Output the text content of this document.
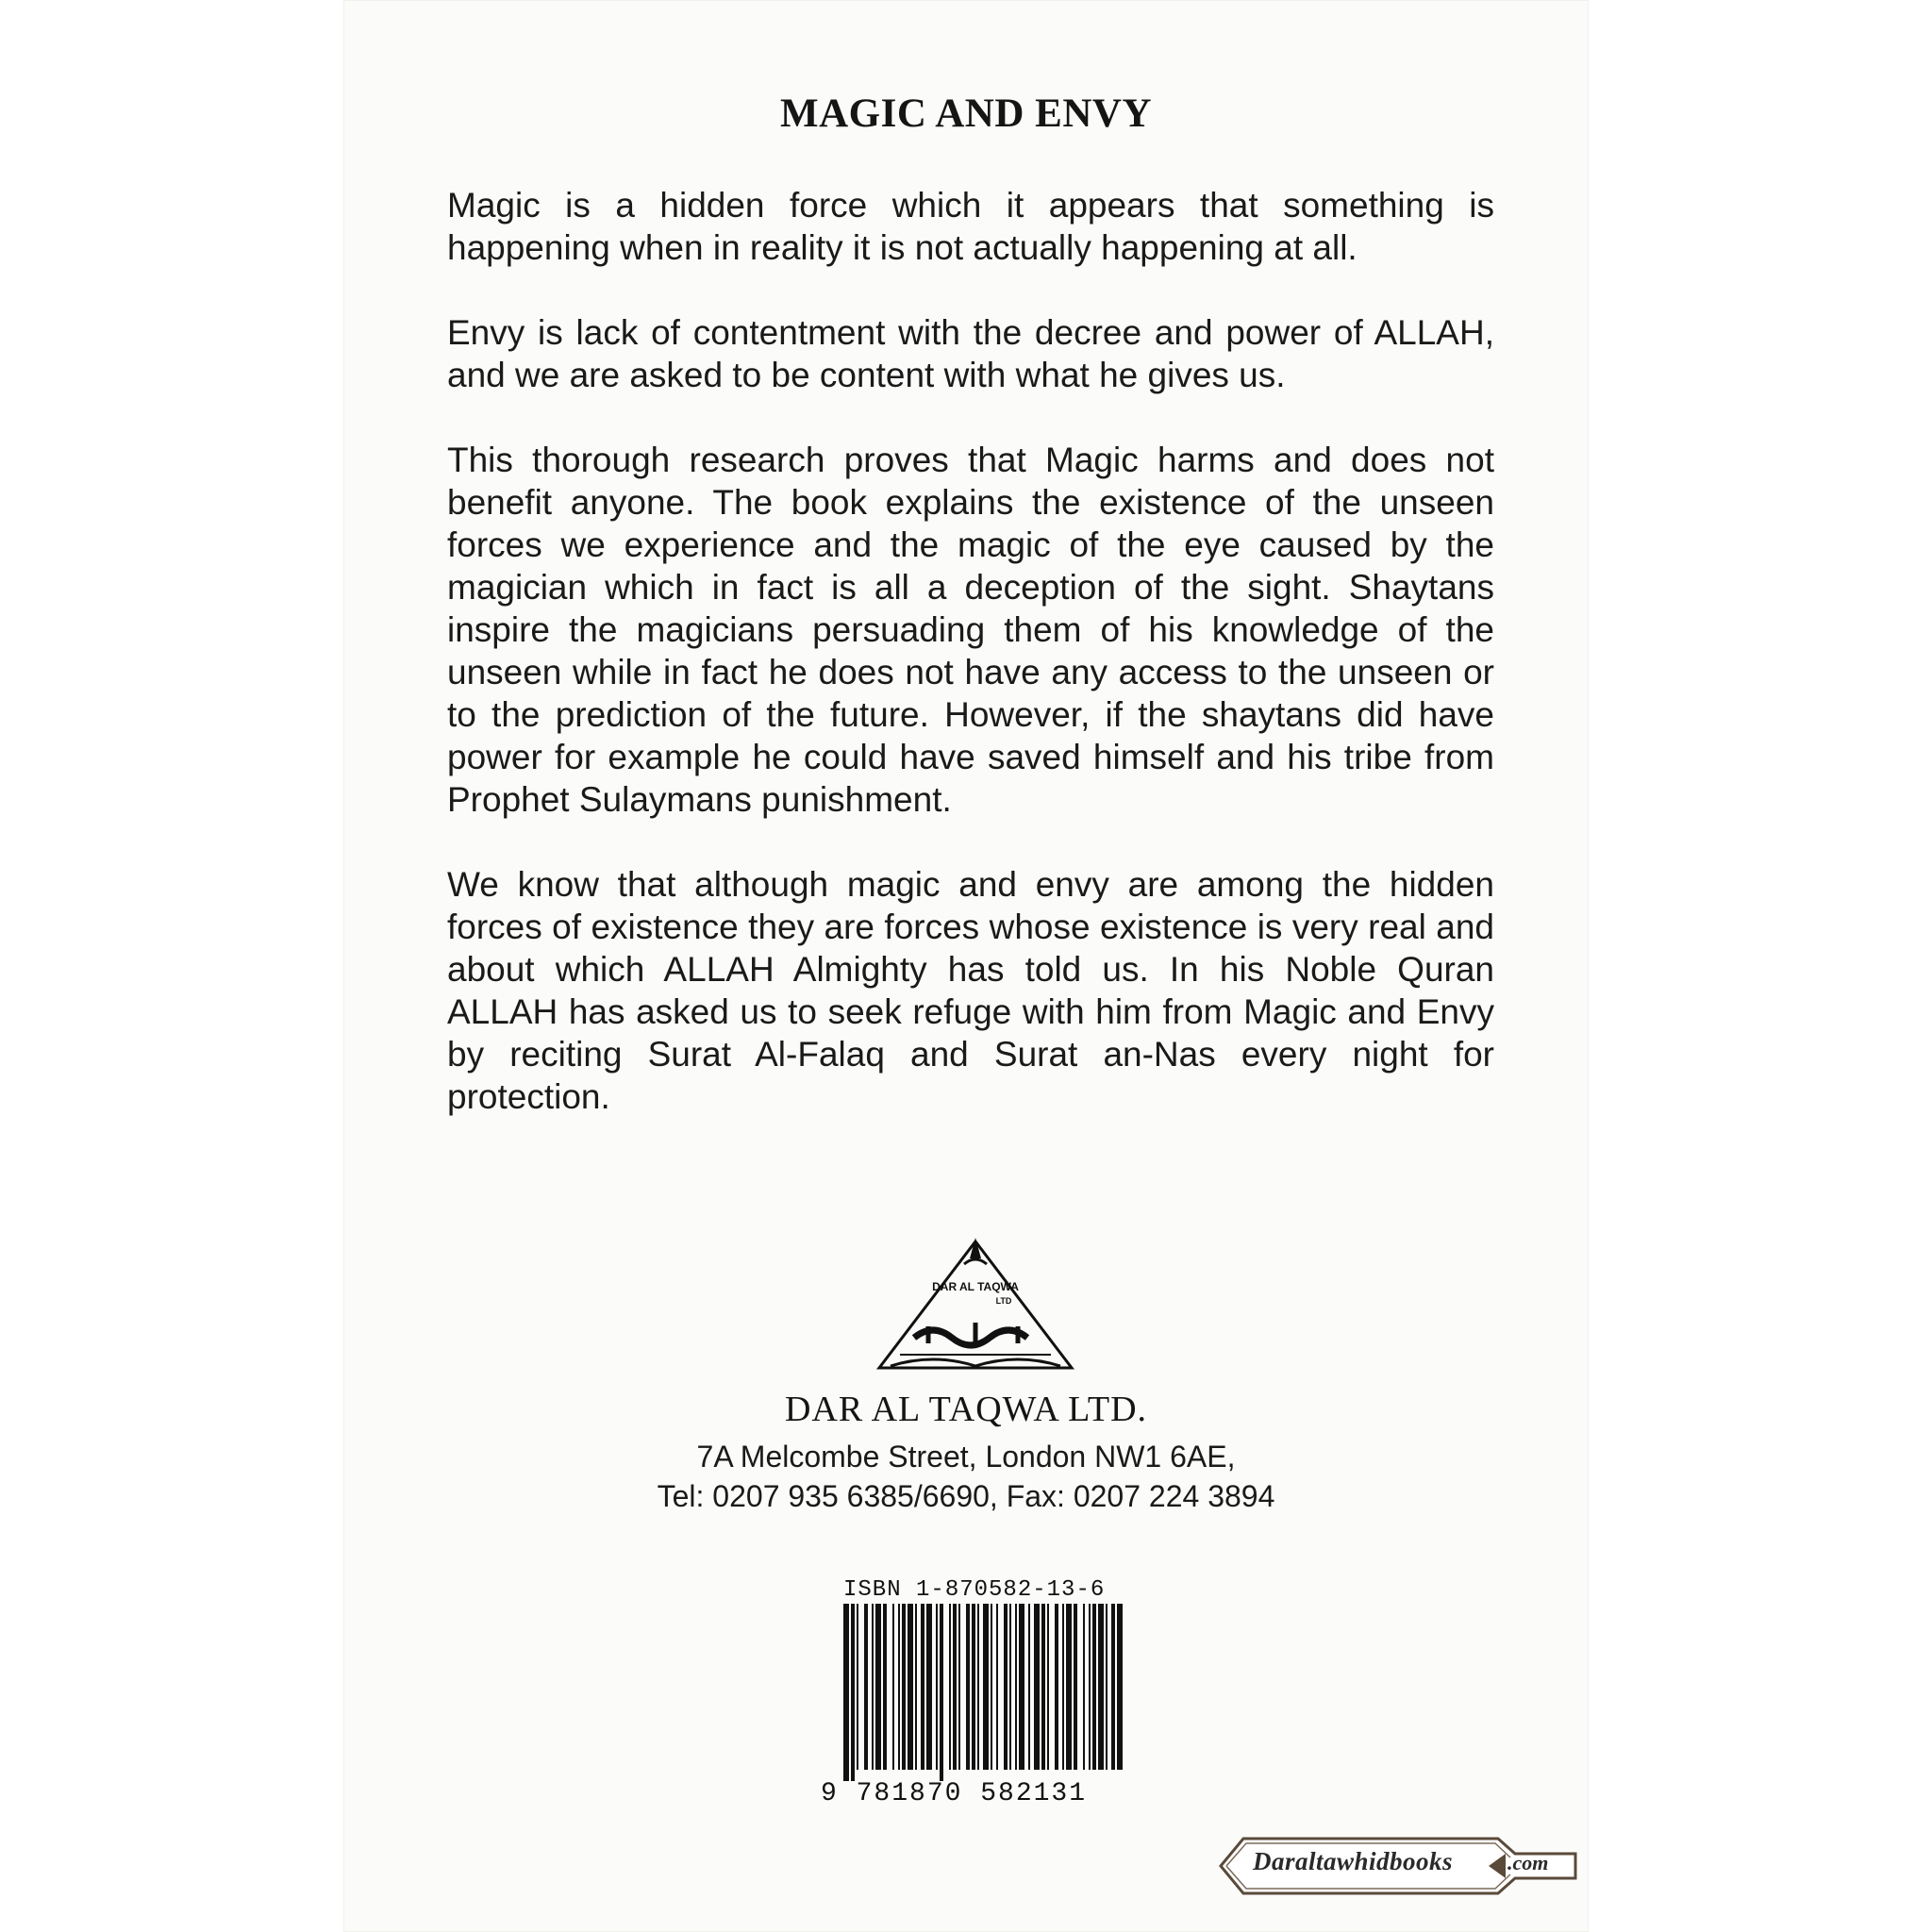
MAGIC AND ENVY

Magic is a hidden force which it appears that something is happening when in reality it is not actually happening at all.

Envy is lack of contentment with the decree and power of ALLAH, and we are asked to be content with what he gives us.

This thorough research proves that Magic harms and does not benefit anyone. The book explains the existence of the unseen forces we experience and the magic of the eye caused by the magician which in fact is all a deception of the sight. Shaytans inspire the magicians persuading them of his knowledge of the unseen while in fact he does not have any access to the unseen or to the prediction of the future. However, if the shaytans did have power for example he could have saved himself and his tribe from Prophet Sulaymans punishment.

We know that although magic and envy are among the hidden forces of existence they are forces whose existence is very real and about which ALLAH Almighty has told us. In his Noble Quran ALLAH has asked us to seek refuge with him from Magic and Envy by reciting Surat Al-Falaq and Surat an-Nas every night for protection.

DAR AL TAQWA
LTD
DAR AL TAQWA LTD.
7A Melcombe Street, London NW1 6AE,
Tel: 0207 935 6385/6690, Fax: 0207 224 3894
ISBN 1-870582-13-6
9 781870 582131
Daraltawhidbooks	.com
